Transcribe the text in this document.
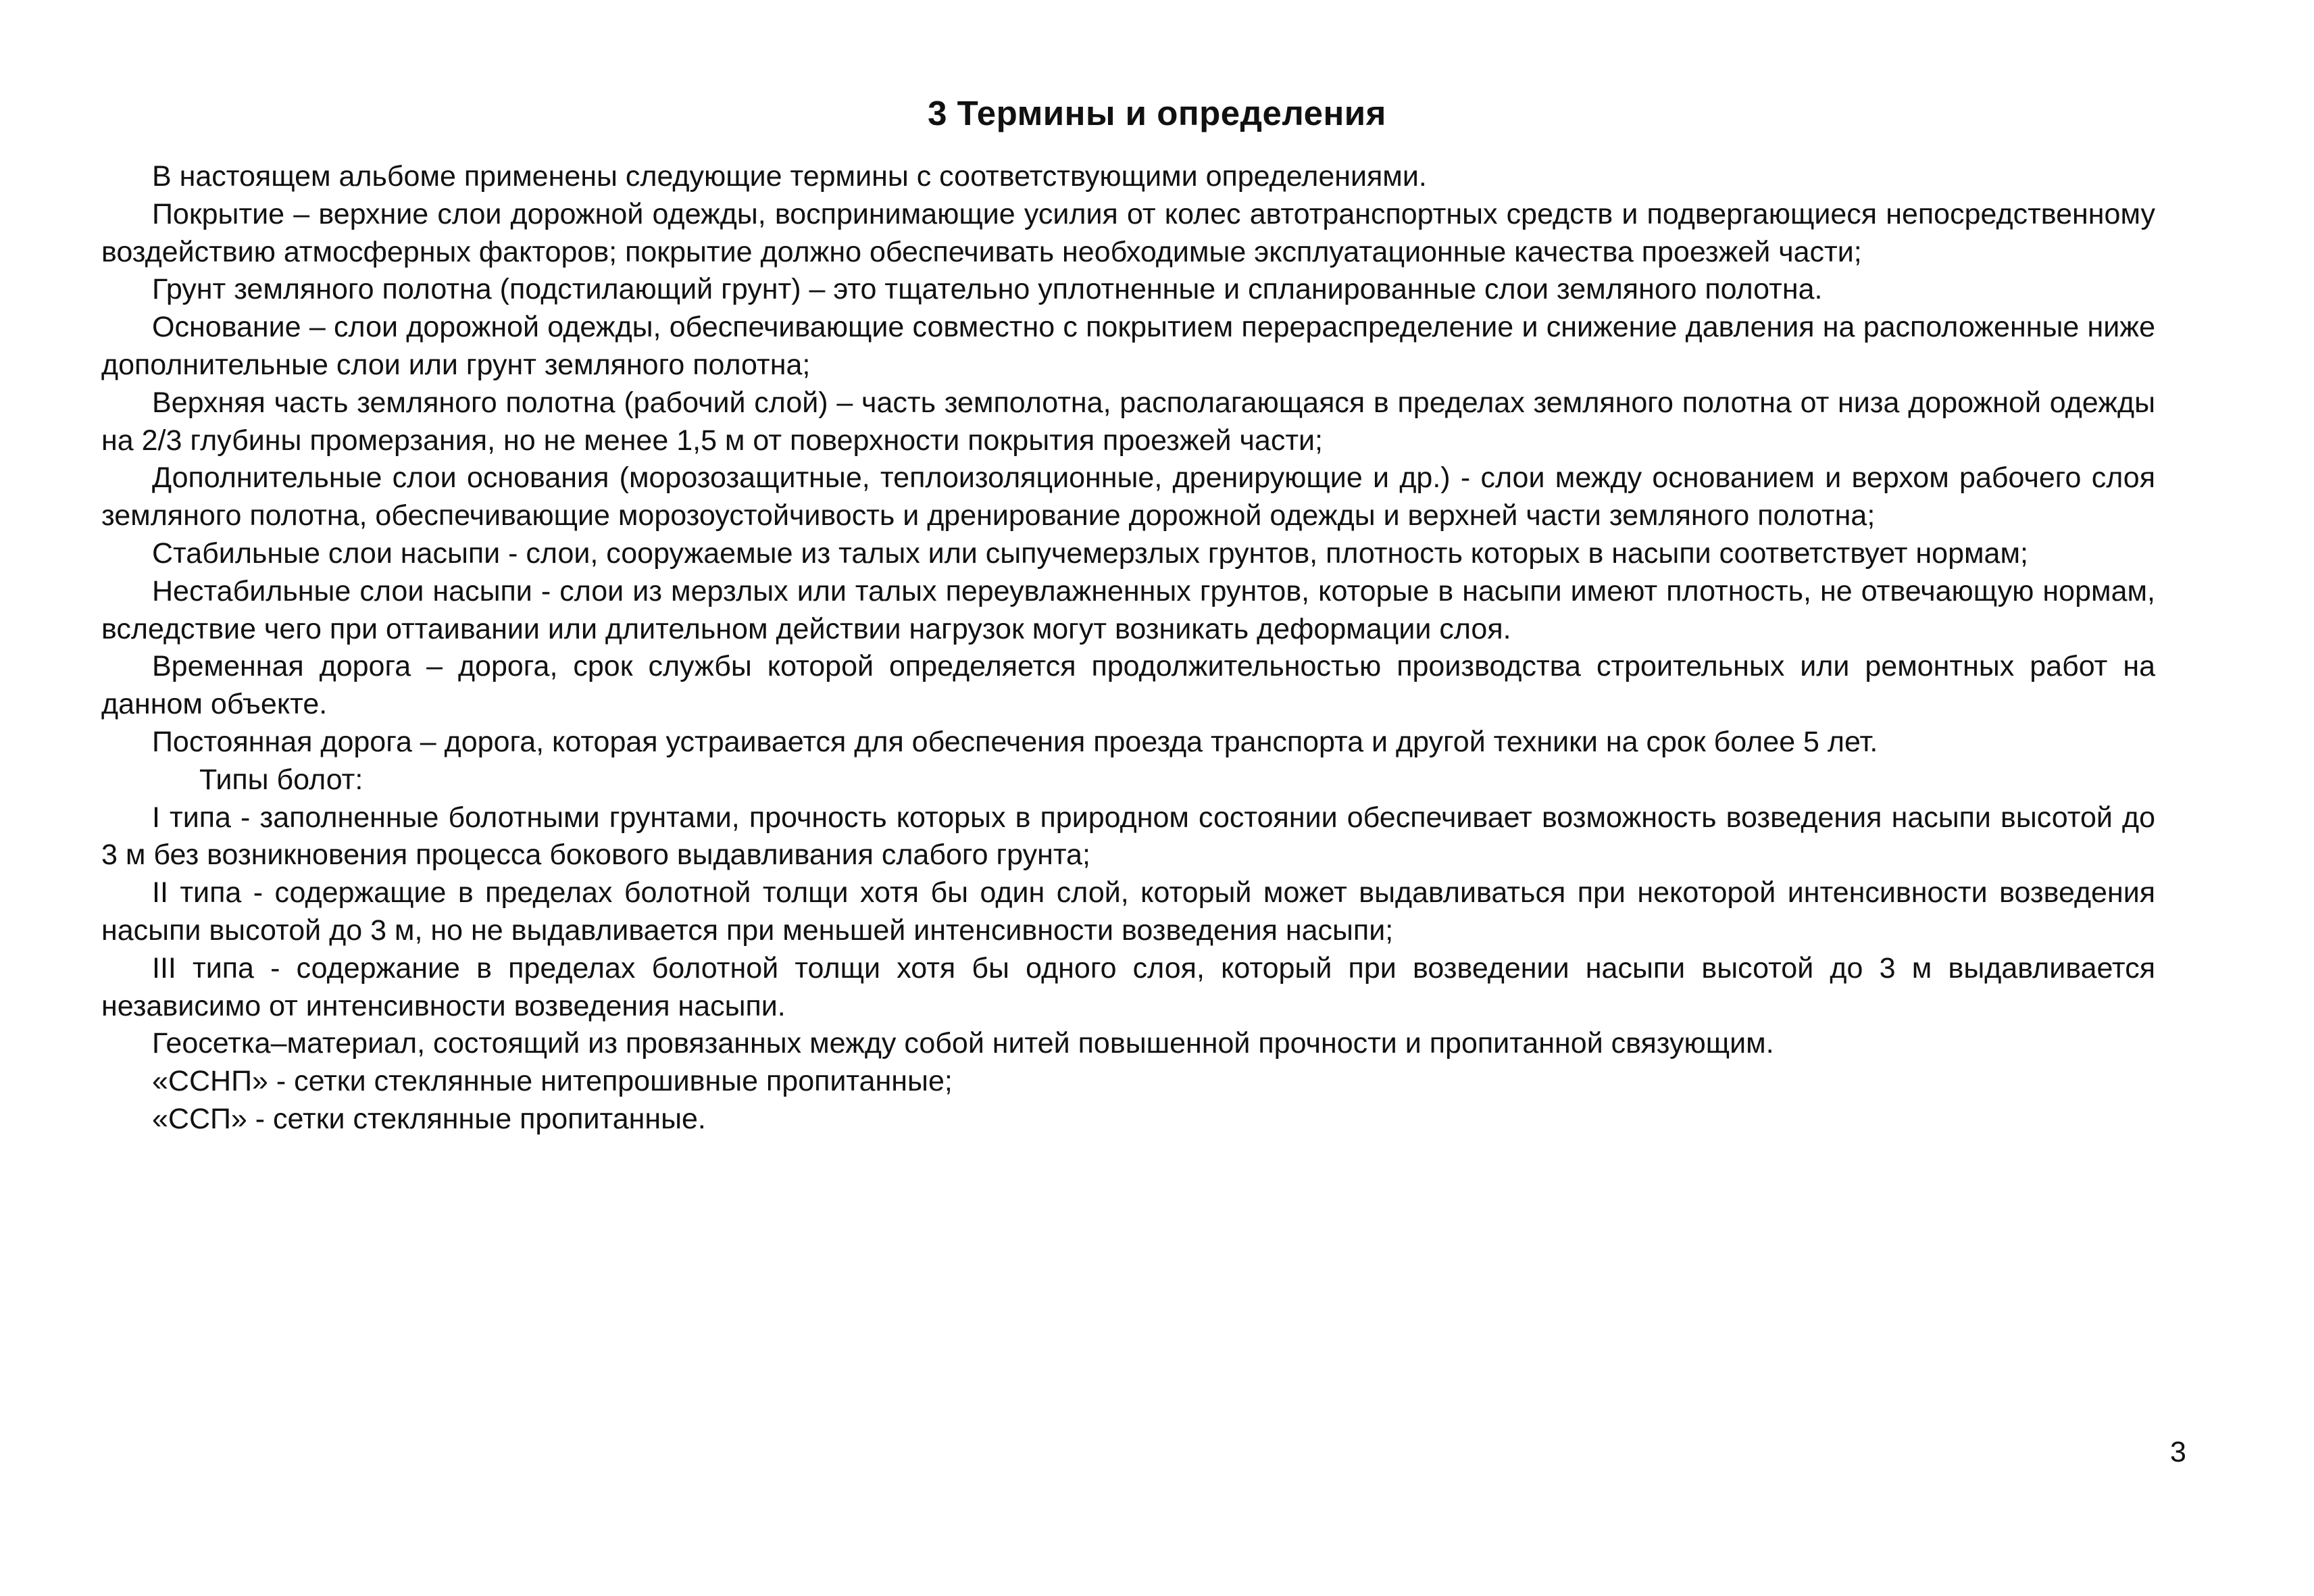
3 Термины и определения

В настоящем альбоме применены следующие термины с соответствующими определениями.

Покрытие – верхние слои дорожной одежды, воспринимающие усилия от колес автотранспортных средств и подвергающиеся непосредственному воздействию атмосферных факторов; покрытие должно обеспечивать необходимые эксплуатационные качества проезжей части;

Грунт земляного полотна (подстилающий грунт) – это тщательно уплотненные и спланированные слои земляного полотна.

Основание – слои дорожной одежды, обеспечивающие совместно с покрытием перераспределение и снижение давления на расположенные ниже дополнительные слои или грунт земляного полотна;

Верхняя часть земляного полотна (рабочий слой) – часть земполотна, располагающаяся в пределах земляного полотна от низа дорожной одежды на 2/3 глубины промерзания, но не менее 1,5 м от поверхности покрытия проезжей части;

Дополнительные слои основания (морозозащитные, теплоизоляционные, дренирующие и др.) - слои между основанием и верхом рабочего слоя земляного полотна, обеспечивающие морозоустойчивость и дренирование дорожной одежды и верхней части земляного полотна;

Стабильные слои насыпи - слои, сооружаемые из талых или сыпучемерзлых грунтов, плотность которых в насыпи соответствует нормам;

Нестабильные слои насыпи - слои из мерзлых или талых переувлажненных грунтов, которые в насыпи имеют плотность, не отвечающую нормам, вследствие чего при оттаивании или длительном действии нагрузок могут возникать деформации слоя.

Временная дорога – дорога, срок службы которой определяется продолжительностью производства строительных или ремонтных работ на данном объекте.

Постоянная дорога – дорога, которая устраивается для обеспечения проезда транспорта и другой техники на срок более 5 лет.

Типы болот:

I типа - заполненные болотными грунтами, прочность которых в природном состоянии обеспечивает возможность возведения насыпи высотой до 3 м без возникновения процесса бокового выдавливания слабого грунта;

II типа - содержащие в пределах болотной толщи хотя бы один слой, который может выдавливаться при некоторой интенсивности возведения насыпи высотой до 3 м, но не выдавливается при меньшей интенсивности возведения насыпи;

III типа - содержание в пределах болотной толщи хотя бы одного слоя, который при возведении насыпи высотой до 3 м выдавливается независимо от интенсивности возведения насыпи.

Геосетка–материал, состоящий из провязанных между собой нитей повышенной прочности и пропитанной связующим.

«ССНП» - сетки стеклянные нитепрошивные пропитанные;

«ССП» - сетки стеклянные пропитанные.

3
